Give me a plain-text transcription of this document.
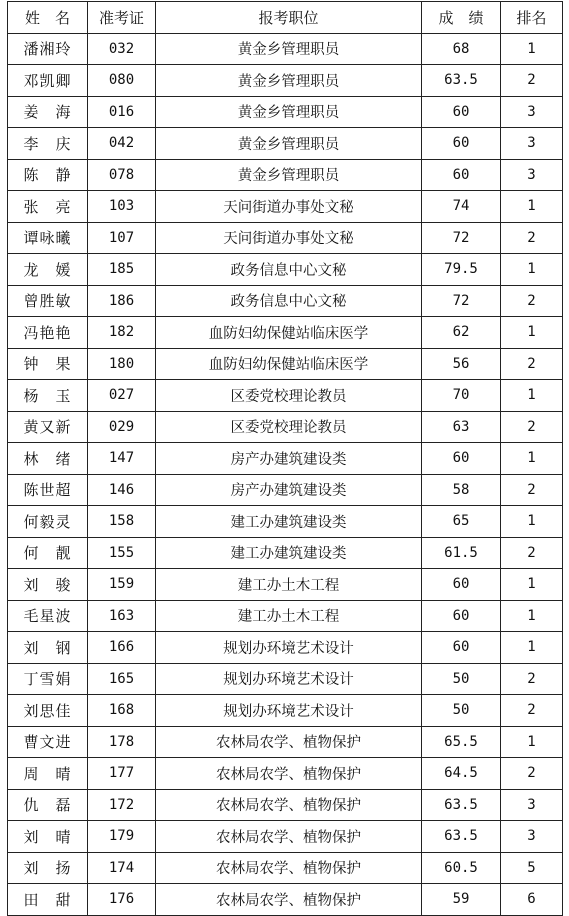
姓　名	准考证	报考职位	成　绩	排名
潘湘玲	032	黄金乡管理职员	68	1
邓凯卿	080	黄金乡管理职员	63.5	2
姜　海	016	黄金乡管理职员	60	3
李　庆	042	黄金乡管理职员	60	3
陈　静	078	黄金乡管理职员	60	3
张　亮	103	天问街道办事处文秘	74	1
谭咏曦	107	天问街道办事处文秘	72	2
龙　媛	185	政务信息中心文秘	79.5	1
曾胜敏	186	政务信息中心文秘	72	2
冯艳艳	182	血防妇幼保健站临床医学	62	1
钟　果	180	血防妇幼保健站临床医学	56	2
杨　玉	027	区委党校理论教员	70	1
黄又新	029	区委党校理论教员	63	2
林　绪	147	房产办建筑建设类	60	1
陈世超	146	房产办建筑建设类	58	2
何毅灵	158	建工办建筑建设类	65	1
何　靓	155	建工办建筑建设类	61.5	2
刘　骏	159	建工办土木工程	60	1
毛星波	163	建工办土木工程	60	1
刘　钢	166	规划办环境艺术设计	60	1
丁雪娟	165	规划办环境艺术设计	50	2
刘思佳	168	规划办环境艺术设计	50	2
曹文进	178	农林局农学、植物保护	65.5	1
周　晴	177	农林局农学、植物保护	64.5	2
仇　磊	172	农林局农学、植物保护	63.5	3
刘　晴	179	农林局农学、植物保护	63.5	3
刘　扬	174	农林局农学、植物保护	60.5	5
田　甜	176	农林局农学、植物保护	59	6
